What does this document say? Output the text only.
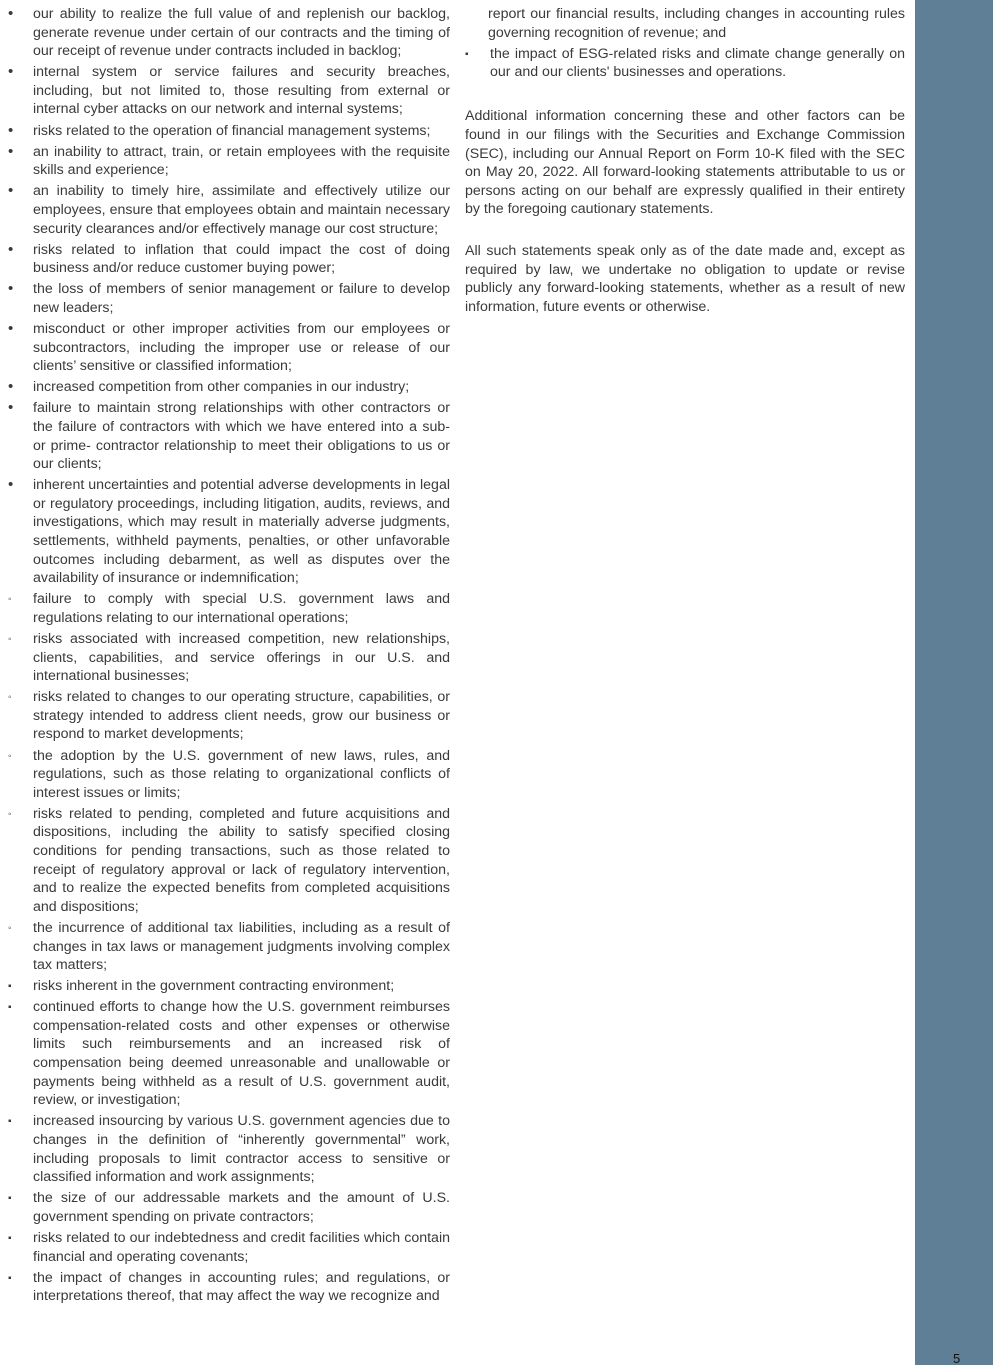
5
•	our ability to realize the full value of and replenish our backlog, generate revenue under certain of our contracts and the timing of our receipt of revenue under contracts included in backlog;
•	internal system or service failures and security breaches, including, but not limited to, those resulting from external or internal cyber attacks on our network and internal systems;
•	risks related to the operation of financial management systems;
•	an inability to attract, train, or retain employees with the requisite skills and experience;
•	an inability to timely hire, assimilate and effectively utilize our employees, ensure that employees obtain and maintain necessary security clearances and/or effectively manage our cost structure;
•	risks related to inflation that could impact the cost of doing business and/or reduce customer buying power;
•	the loss of members of senior management or failure to develop new leaders;
•	misconduct or other improper activities from our employees or subcontractors, including the improper use or release of our clients’ sensitive or classified information;
•	increased competition from other companies in our industry;
•	failure to maintain strong relationships with other contractors or the failure of contractors with which we have entered into a sub- or prime- contractor relationship to meet their obligations to us or our clients;
•	inherent uncertainties and potential adverse developments in legal or regulatory proceedings, including litigation, audits, reviews, and investigations, which may result in materially adverse judgments, settlements, withheld payments, penalties, or other unfavorable outcomes including debarment, as well as disputes over the availability of insurance or indemnification;
◦	failure to comply with special U.S. government laws and regulations relating to our international operations;
◦	risks associated with increased competition, new relationships, clients, capabilities, and service offerings in our U.S. and international businesses;
◦	risks related to changes to our operating structure, capabilities, or strategy intended to address client needs, grow our business or respond to market developments;
◦	the adoption by the U.S. government of new laws, rules, and regulations, such as those relating to organizational conflicts of interest issues or limits;
◦	risks related to pending, completed and future acquisitions and dispositions, including the ability to satisfy specified closing conditions for pending transactions, such as those related to receipt of regulatory approval or lack of regulatory intervention, and to realize the expected benefits from completed acquisitions and dispositions;
◦	the incurrence of additional tax liabilities, including as a result of changes in tax laws or management judgments involving complex tax matters;
▪	risks inherent in the government contracting environment;
▪	continued efforts to change how the U.S. government reimburses compensation-related costs and other expenses or otherwise limits such reimbursements and an increased risk of compensation being deemed unreasonable and unallowable or payments being withheld as a result of U.S. government audit, review, or investigation;
▪	increased insourcing by various U.S. government agencies due to changes in the definition of “inherently governmental” work, including proposals to limit contractor access to sensitive or classified information and work assignments;
▪	the size of our addressable markets and the amount of U.S. government spending on private contractors;
▪	risks related to our indebtedness and credit facilities which contain financial and operating covenants;
▪	the impact of changes in accounting rules; and regulations, or interpretations thereof, that may affect the way we recognize and
report our financial results, including changes in accounting rules governing recognition of revenue; and
▪	the impact of ESG-related risks and climate change generally on our and our clients' businesses and operations.

Additional information concerning these and other factors can be found in our filings with the Securities and Exchange Commission (SEC), including our Annual Report on Form 10-K filed with the SEC on May 20, 2022. All forward-looking statements attributable to us or persons acting on our behalf are expressly qualified in their entirety by the foregoing cautionary statements.

All such statements speak only as of the date made and, except as required by law, we undertake no obligation to update or revise publicly any forward-looking statements, whether as a result of new information, future events or otherwise.
